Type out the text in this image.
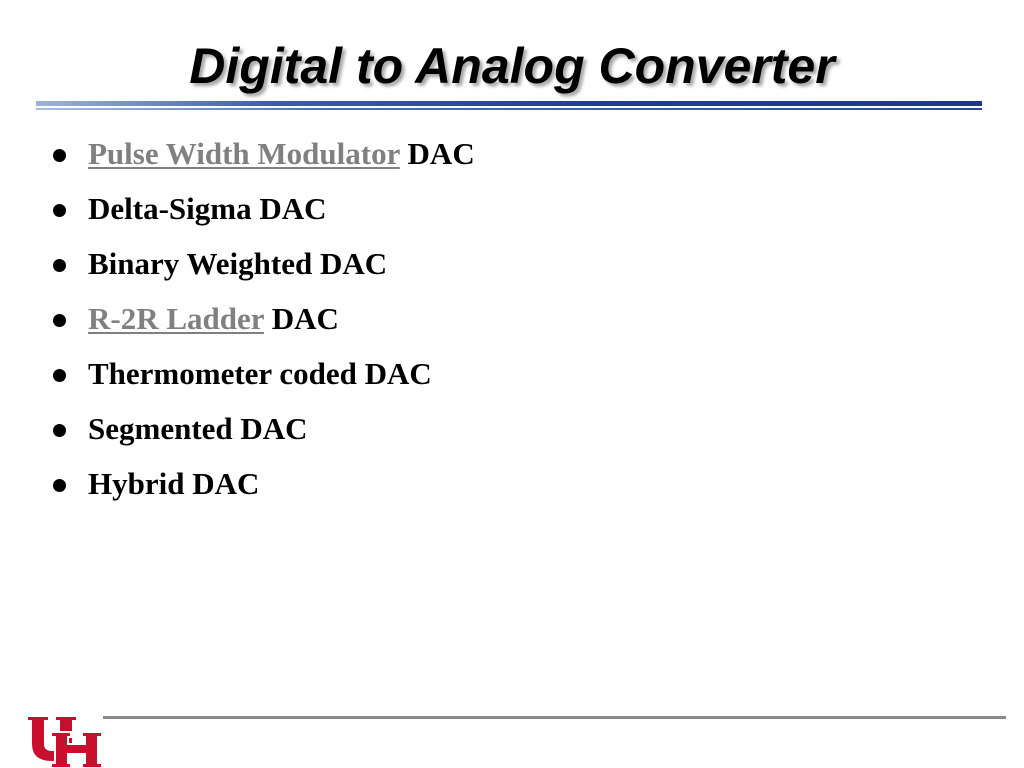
Digital to Analog Converter
Pulse Width Modulator DAC
Delta-Sigma DAC
Binary Weighted DAC
R-2R Ladder DAC
Thermometer coded DAC
Segmented DAC
Hybrid DAC
